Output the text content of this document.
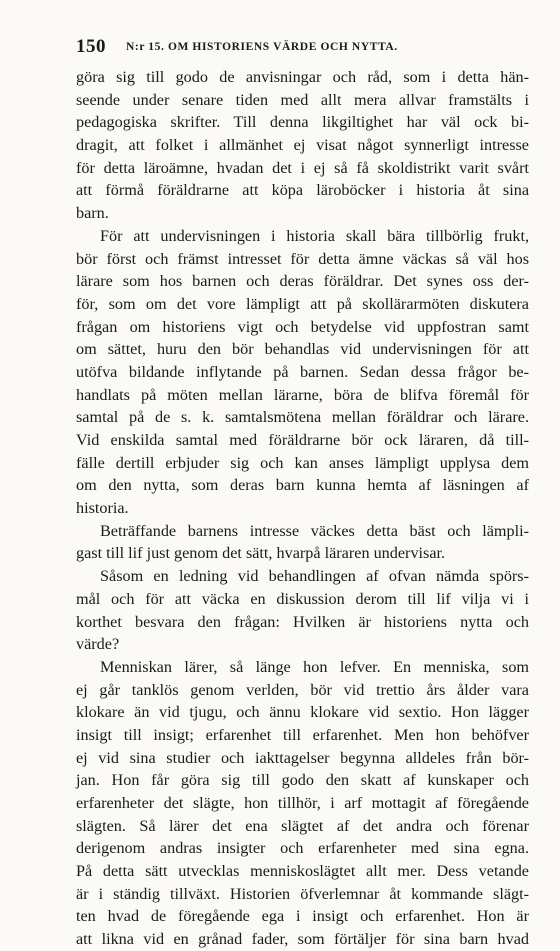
150 N:r 15. OM HISTORIENS VÄRDE OCH NYTTA.
göra sig till godo de anvisningar och råd, som i detta hän-
seende under senare tiden med allt mera allvar framstälts i
pedagogiska skrifter. Till denna likgiltighet har väl ock bi-
dragit, att folket i allmänhet ej visat något synnerligt intresse
för detta läroämne, hvadan det i ej så få skoldistrikt varit svårt
att förmå föräldrarne att köpa läroböcker i historia åt sina
barn.
För att undervisningen i historia skall bära tillbörlig frukt,
bör först och främst intresset för detta ämne väckas så väl hos
lärare som hos barnen och deras föräldrar. Det synes oss der-
för, som om det vore lämpligt att på skollärarmöten diskutera
frågan om historiens vigt och betydelse vid uppfostran samt
om sättet, huru den bör behandlas vid undervisningen för att
utöfva bildande inflytande på barnen. Sedan dessa frågor be-
handlats på möten mellan lärarne, böra de blifva föremål för
samtal på de s. k. samtalsmötena mellan föräldrar och lärare.
Vid enskilda samtal med föräldrarne bör ock läraren, då till-
fälle dertill erbjuder sig och kan anses lämpligt upplysa dem
om den nytta, som deras barn kunna hemta af läsningen af
historia.
Beträffande barnens intresse väckes detta bäst och lämpli-
gast till lif just genom det sätt, hvarpå läraren undervisar.
Såsom en ledning vid behandlingen af ofvan nämda spörs-
mål och för att väcka en diskussion derom till lif vilja vi i
korthet besvara den frågan: Hvilken är historiens nytta och
värde?
Menniskan lärer, så länge hon lefver. En menniska, som
ej går tanklös genom verlden, bör vid trettio års ålder vara
klokare än vid tjugu, och ännu klokare vid sextio. Hon lägger
insigt till insigt; erfarenhet till erfarenhet. Men hon behöfver
ej vid sina studier och iakttagelser begynna alldeles från bör-
jan. Hon får göra sig till godo den skatt af kunskaper och
erfarenheter det slägte, hon tillhör, i arf mottagit af föregående
slägten. Så lärer det ena slägtet af det andra och förenar
derigenom andras insigter och erfarenheter med sina egna.
På detta sätt utvecklas menniskoslägtet allt mer. Dess vetande
är i ständig tillväxt. Historien öfverlemnar åt kommande slägt-
ten hvad de föregående ega i insigt och erfarenhet. Hon är
att likna vid en grånad fader, som förtäljer för sina barn hvad
